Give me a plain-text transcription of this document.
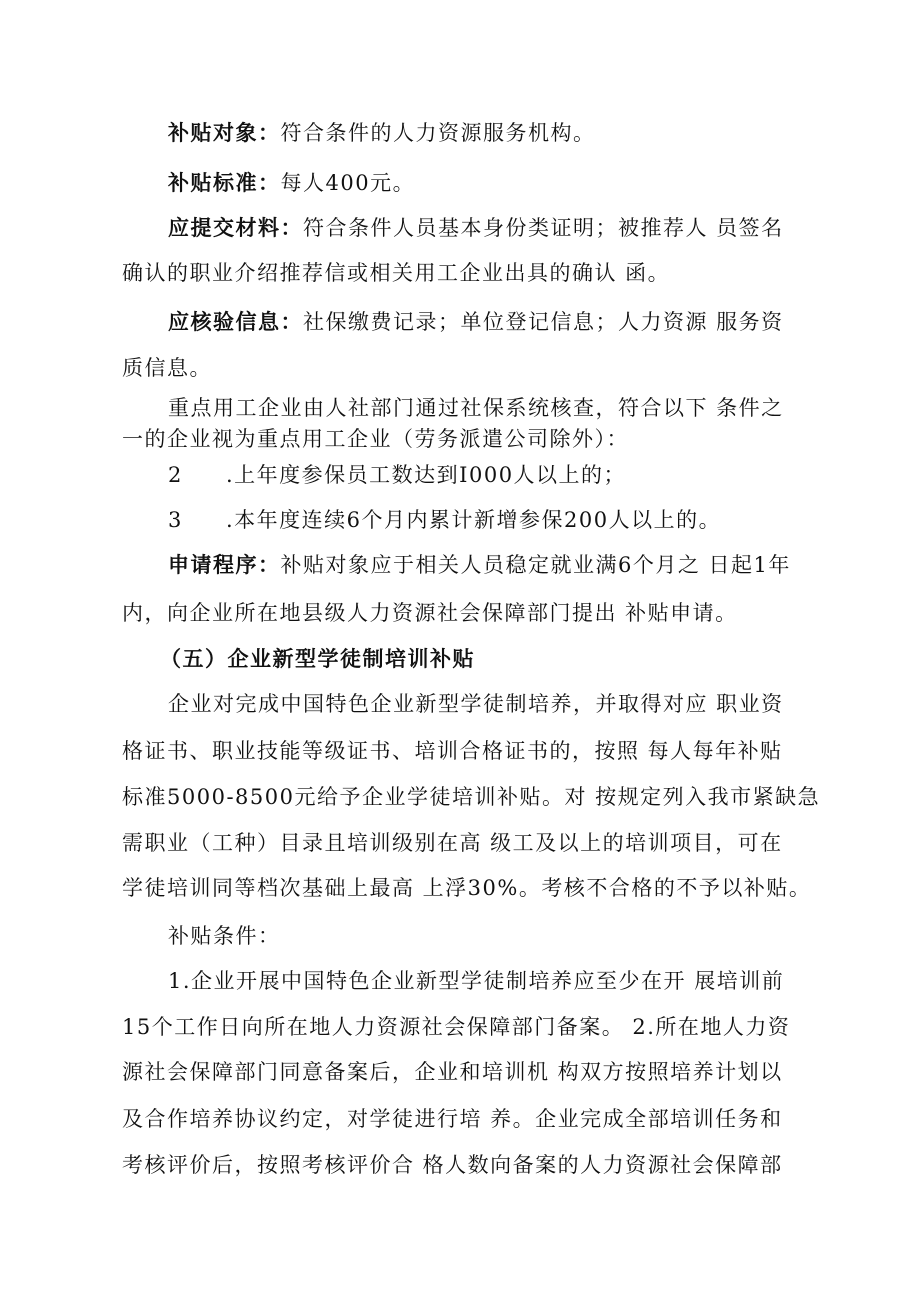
补贴对象：符合条件的人力资源服务机构。
补贴标准：每人400元。
应提交材料：符合条件人员基本身份类证明；被推荐人 员签名
确认的职业介绍推荐信或相关用工企业出具的确认 函。
应核验信息：社保缴费记录；单位登记信息；人力资源 服务资
质信息。
重点用工企业由人社部门通过社保系统核查，符合以下 条件之
一的企业视为重点用工企业（劳务派遣公司除外）：
2 .上年度参保员工数达到I000人以上的；
3 .本年度连续6个月内累计新增参保200人以上的。
申请程序：补贴对象应于相关人员稳定就业满6个月之 日起1年
内，向企业所在地县级人力资源社会保障部门提出 补贴申请。
（五）企业新型学徒制培训补贴
企业对完成中国特色企业新型学徒制培养，并取得对应 职业资
格证书、职业技能等级证书、培训合格证书的，按照 每人每年补贴
标准5000-8500元给予企业学徒培训补贴。对 按规定列入我市紧缺急
需职业（工种）目录且培训级别在高 级工及以上的培训项目，可在
学徒培训同等档次基础上最高 上浮30%。考核不合格的不予以补贴。
补贴条件：
1.企业开展中国特色企业新型学徒制培养应至少在开 展培训前
15个工作日向所在地人力资源社会保障部门备案。 2.所在地人力资
源社会保障部门同意备案后，企业和培训机 构双方按照培养计划以
及合作培养协议约定，对学徒进行培 养。企业完成全部培训任务和
考核评价后，按照考核评价合 格人数向备案的人力资源社会保障部
